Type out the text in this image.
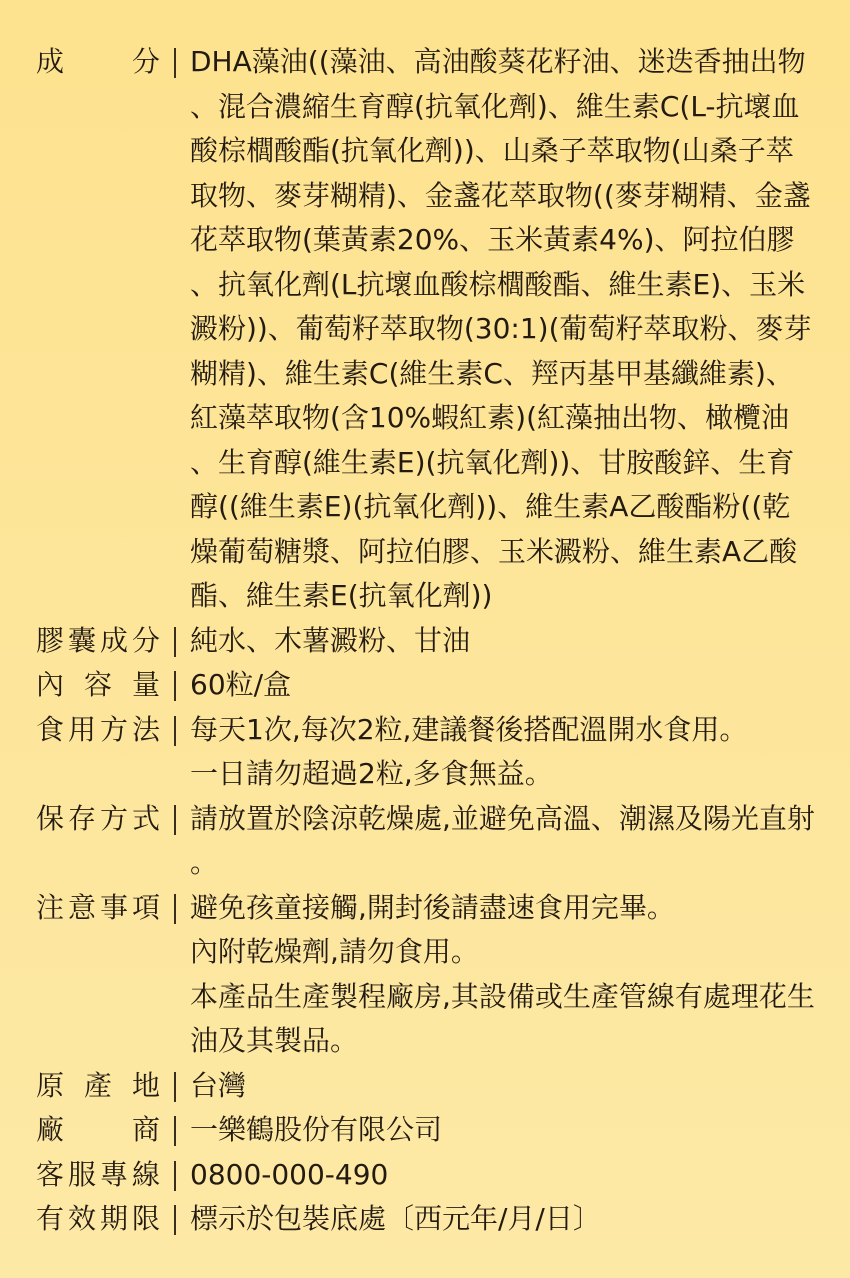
成　分 DHA藻油((藻油、高油酸葵花籽油、迷迭香抽出物、混合濃縮生育醇(抗氧化劑)、維生素C(L-抗壞血酸棕櫚酸酯(抗氧化劑))、山桑子萃取物(山桑子萃取物、麥芽糊精)、金盞花萃取物((麥芽糊精、金盞花萃取物(葉黃素20%、玉米黃素4%)、阿拉伯膠、抗氧化劑(L抗壞血酸棕櫚酸酯、維生素E)、玉米澱粉))、葡萄籽萃取物(30:1)(葡萄籽萃取粉、麥芽糊精)、維生素C(維生素C、羥丙基甲基纖維素)、紅藻萃取物(含10%蝦紅素)(紅藻抽出物、橄欖油、生育醇(維生素E)(抗氧化劑))、甘胺酸鋅、生育醇((維生素E)(抗氧化劑))、維生素A乙酸酯粉((乾燥葡萄糖漿、阿拉伯膠、玉米澱粉、維生素A乙酸酯、維生素E(抗氧化劑))

膠囊成分 純水、木薯澱粉、甘油

內容量 60粒/盒

食用方法 每天1次,每次2粒,建議餐後搭配溫開水食用。

一日請勿超過2粒,多食無益。

保存方式 請放置於陰涼乾燥處,並避免高溫、潮濕及陽光直射。

注意事項 避免孩童接觸,開封後請盡速食用完畢。

內附乾燥劑,請勿食用。

本產品生產製程廠房,其設備或生產管線有處理花生油及其製品。

原產地 台灣

廠　商 一樂鶴股份有限公司

客服專線 0800-000-490

有效期限 標示於包裝底處〔西元年/月/日〕
